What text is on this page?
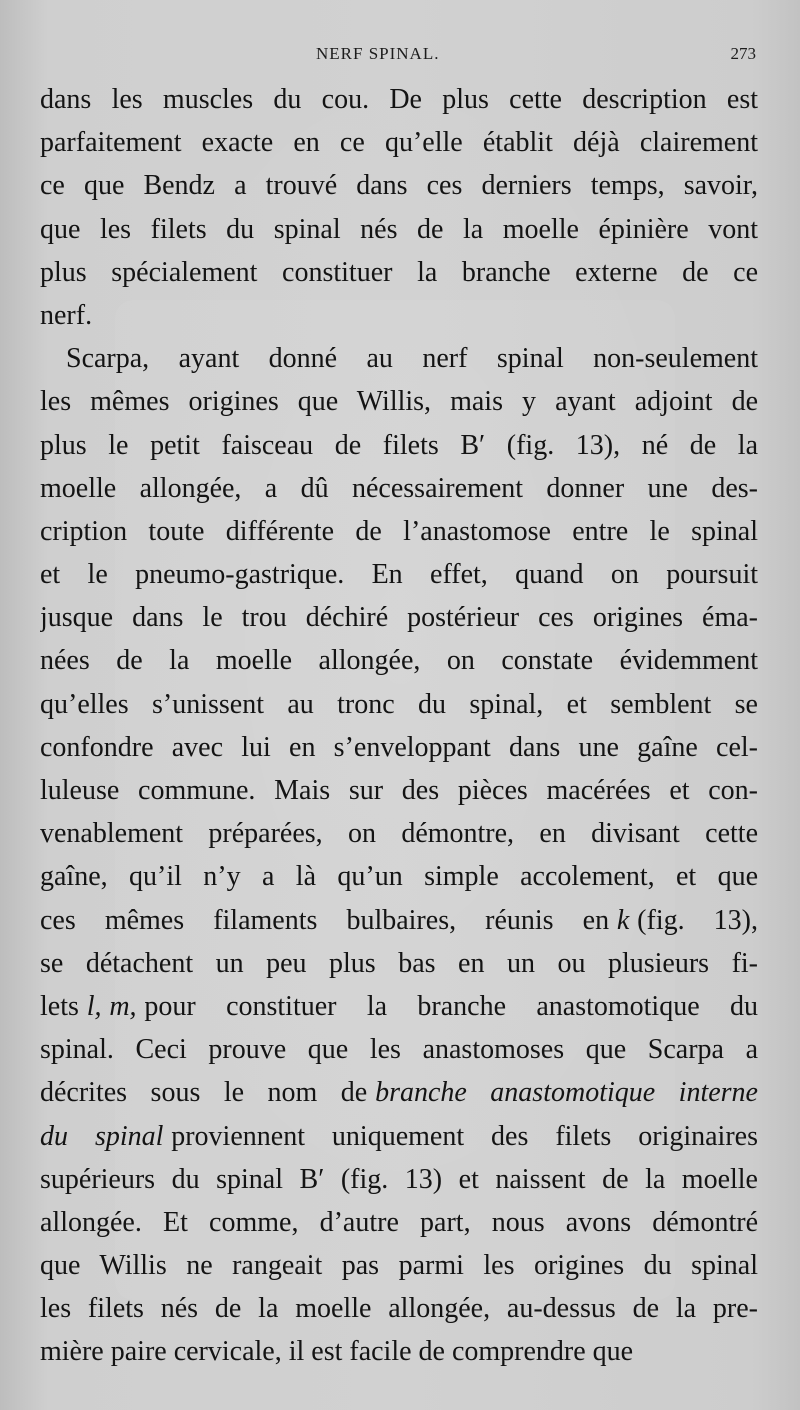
NERF SPINAL.	273
dans les muscles du cou. De plus cette description est
parfaitement exacte en ce qu’elle établit déjà clairement
ce que Bendz a trouvé dans ces derniers temps, savoir,
que les filets du spinal nés de la moelle épinière vont
plus spécialement constituer la branche externe de ce
nerf.
Scarpa, ayant donné au nerf spinal non-seulement
les mêmes origines que Willis, mais y ayant adjoint de
plus le petit faisceau de filets B′ (fig. 13), né de la
moelle allongée, a dû nécessairement donner une des-
cription toute différente de l’anastomose entre le spinal
et le pneumo-gastrique. En effet, quand on poursuit
jusque dans le trou déchiré postérieur ces origines éma-
nées de la moelle allongée, on constate évidemment
qu’elles s’unissent au tronc du spinal, et semblent se
confondre avec lui en s’enveloppant dans une gaîne cel-
luleuse commune. Mais sur des pièces macérées et con-
venablement préparées, on démontre, en divisant cette
gaîne, qu’il n’y a là qu’un simple accolement, et que
ces mêmes filaments bulbaires, réunis en k (fig. 13),
se détachent un peu plus bas en un ou plusieurs fi-
lets l, m, pour constituer la branche anastomotique du
spinal. Ceci prouve que les anastomoses que Scarpa a
décrites sous le nom de branche anastomotique interne
du spinal proviennent uniquement des filets originaires
supérieurs du spinal B′ (fig. 13) et naissent de la moelle
allongée. Et comme, d’autre part, nous avons démontré
que Willis ne rangeait pas parmi les origines du spinal
les filets nés de la moelle allongée, au-dessus de la pre-
mière paire cervicale, il est facile de comprendre que
